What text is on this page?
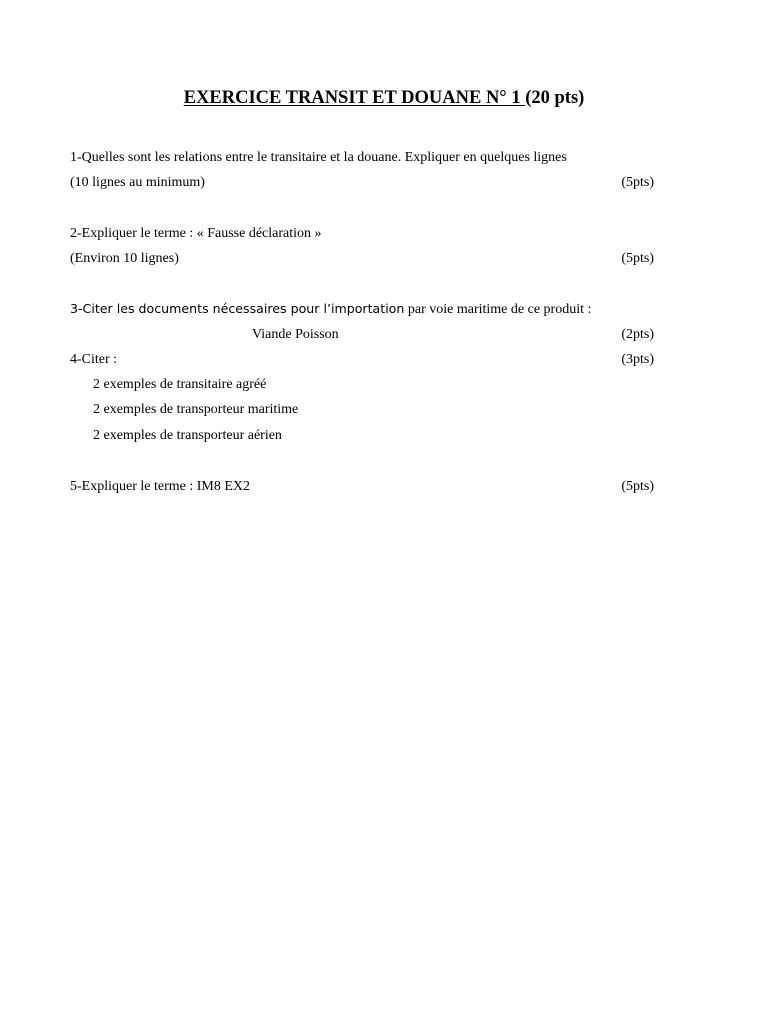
EXERCICE TRANSIT ET DOUANE N° 1 (20 pts)
1-Quelles sont les relations entre le transitaire et la douane. Expliquer en quelques lignes
(10 lignes au minimum)	(5pts)
2-Expliquer le terme : « Fausse déclaration »
(Environ 10 lignes)	(5pts)
3-Citer les documents nécessaires pour l’importation par voie maritime de ce produit :
Viande Poisson	(2pts)
4-Citer :	(3pts)
2 exemples de transitaire agréé
2 exemples de transporteur maritime
2 exemples de transporteur aérien
5-Expliquer le terme : IM8 EX2	(5pts)
